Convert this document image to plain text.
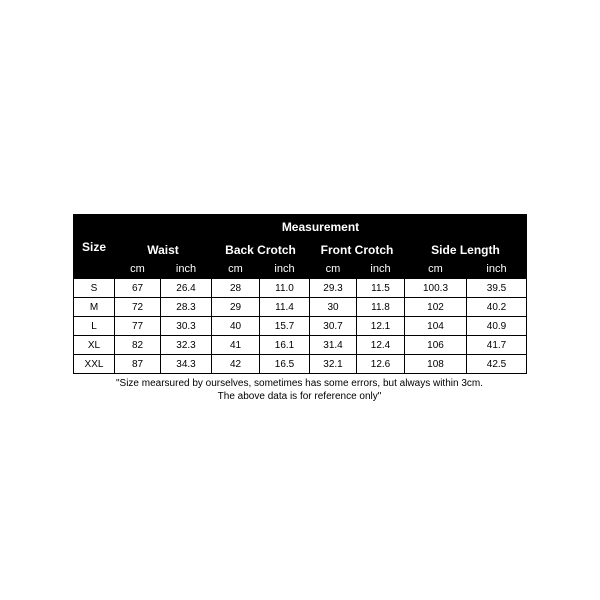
Size	Measurement							
	Waist		Back Crotch		Front Crotch		Side Length	
	cm	inch	cm	inch	cm	inch	cm	inch
S	67	26.4	28	11.0	29.3	11.5	100.3	39.5
M	72	28.3	29	11.4	30	11.8	102	40.2
L	77	30.3	40	15.7	30.7	12.1	104	40.9
XL	82	32.3	41	16.1	31.4	12.4	106	41.7
XXL	87	34.3	42	16.5	32.1	12.6	108	42.5
"Size mearsured by ourselves, sometimes has some errors, but always within 3cm.
The above data is for reference only"
